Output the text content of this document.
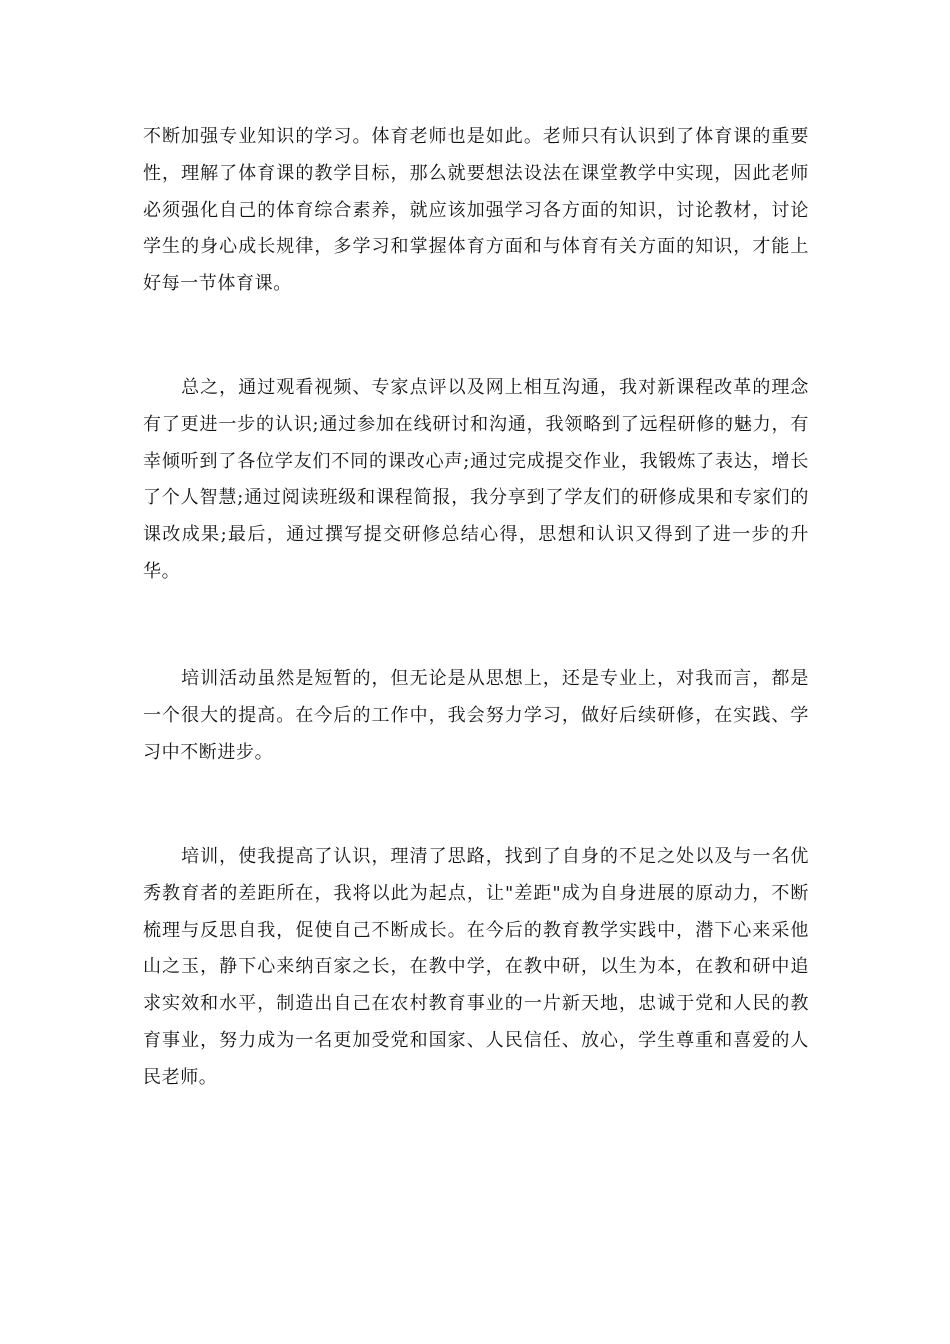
不断加强专业知识的学习。体育老师也是如此。老师只有认识到了体育课的重要性，理解了体育课的教学目标，那么就要想法设法在课堂教学中实现，因此老师必须强化自己的体育综合素养，就应该加强学习各方面的知识，讨论教材，讨论学生的身心成长规律，多学习和掌握体育方面和与体育有关方面的知识，才能上好每一节体育课。

　　总之，通过观看视频、专家点评以及网上相互沟通，我对新课程改革的理念有了更进一步的认识;通过参加在线研讨和沟通，我领略到了远程研修的魅力，有幸倾听到了各位学友们不同的课改心声;通过完成提交作业，我锻炼了表达，增长了个人智慧;通过阅读班级和课程简报，我分享到了学友们的研修成果和专家们的课改成果;最后，通过撰写提交研修总结心得，思想和认识又得到了进一步的升华。

　　培训活动虽然是短暂的，但无论是从思想上，还是专业上，对我而言，都是一个很大的提高。在今后的工作中，我会努力学习，做好后续研修，在实践、学习中不断进步。

　　培训，使我提高了认识，理清了思路，找到了自身的不足之处以及与一名优秀教育者的差距所在，我将以此为起点，让"差距"成为自身进展的原动力，不断梳理与反思自我，促使自己不断成长。在今后的教育教学实践中，潜下心来采他山之玉，静下心来纳百家之长，在教中学，在教中研，以生为本，在教和研中追求实效和水平，制造出自己在农村教育事业的一片新天地，忠诚于党和人民的教育事业，努力成为一名更加受党和国家、人民信任、放心，学生尊重和喜爱的人民老师。
